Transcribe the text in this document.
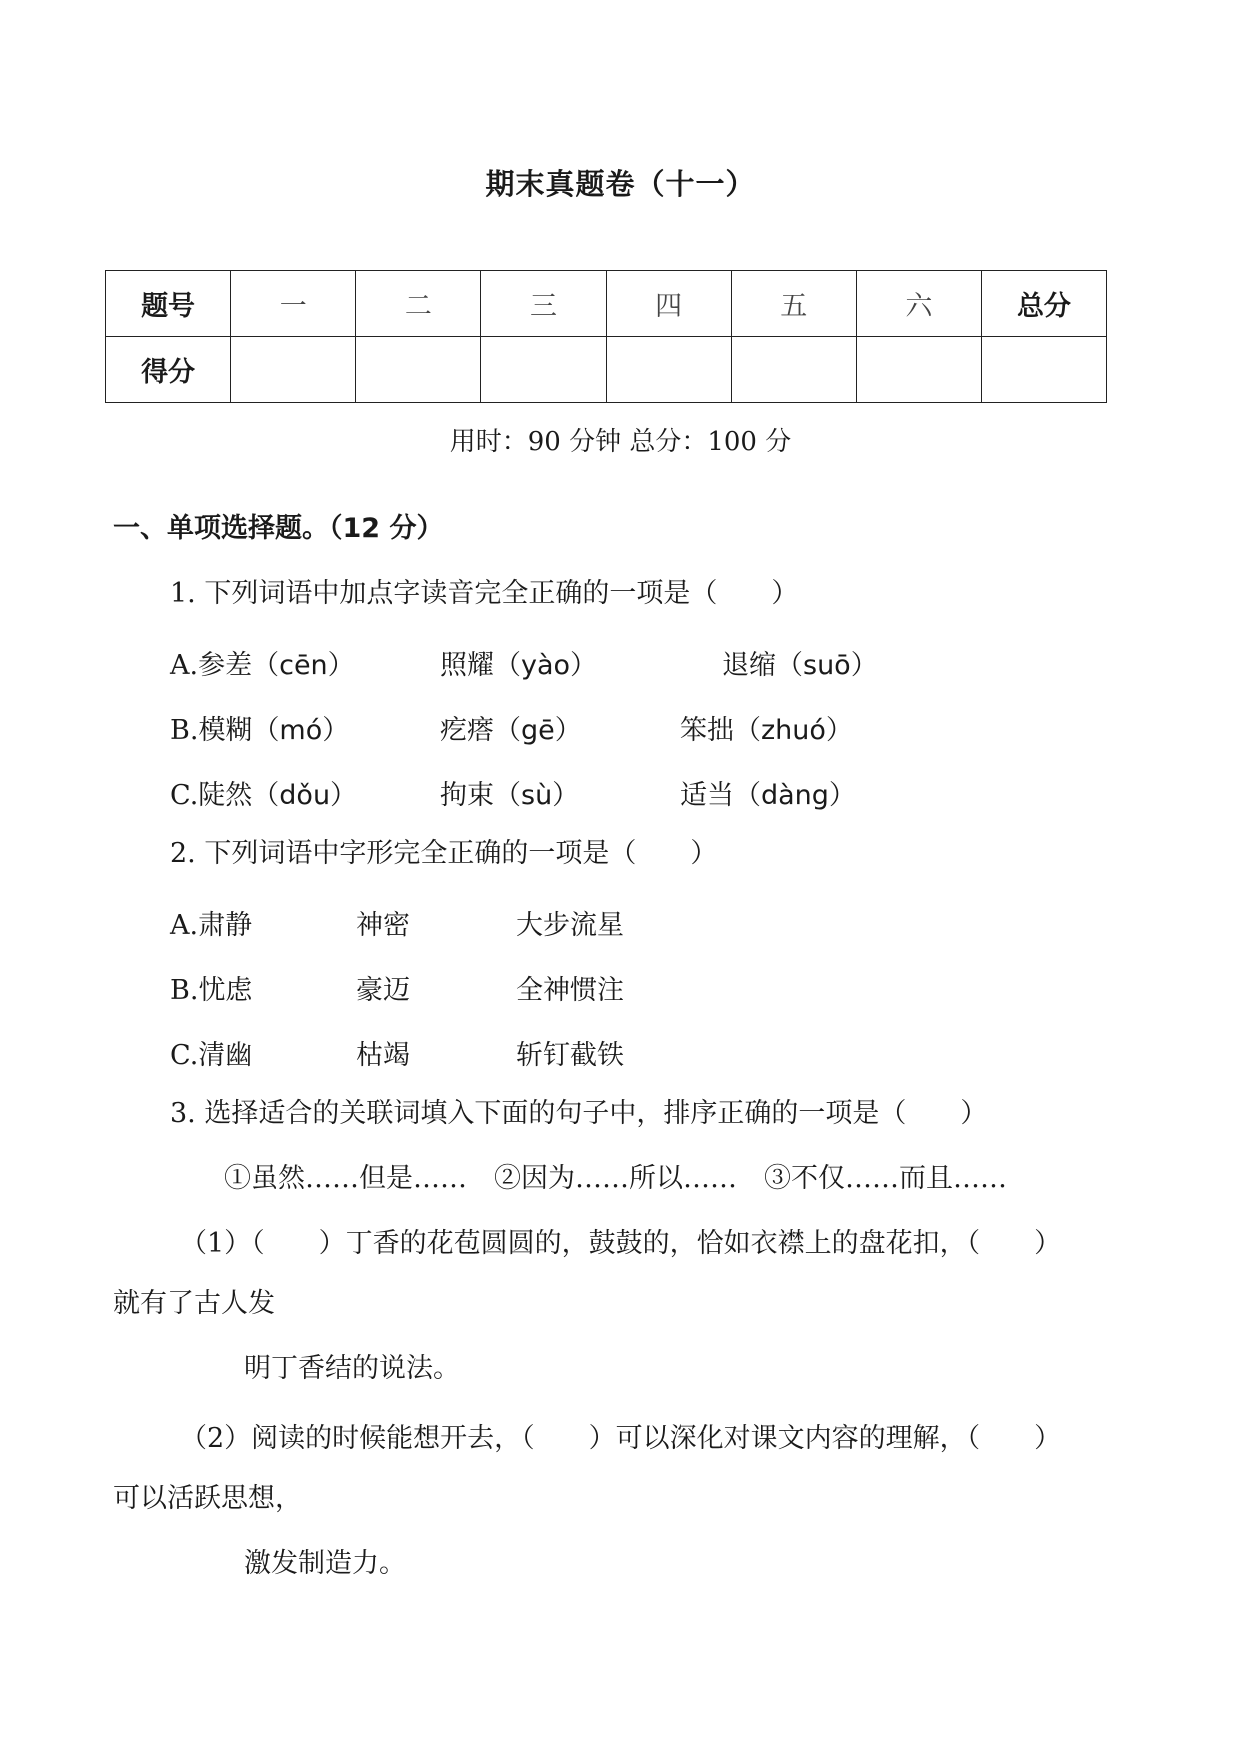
期末真题卷（十一）
题号	一	二	三	四	五	六	总分
得分							
用时：90 分钟 总分：100 分
一、单项选择题。（12 分）
1. 下列词语中加点字读音完全正确的一项是（　　）
A.参差（cēn）	照耀（yào）	退缩（suō）
B.模糊（mó）	疙瘩（gē）	笨拙（zhuó）
C.陡然（dǒu）	拘束（sù）	适当（dàng）
2. 下列词语中字形完全正确的一项是（　　）
A.肃静	神密	大步流星
B.忧虑	豪迈	全神惯注
C.清幽	枯竭	斩钉截铁
3. 选择适合的关联词填入下面的句子中，排序正确的一项是（　　）
①虽然……但是……　②因为……所以……　③不仅……而且……
（1）（　　）丁香的花苞圆圆的，鼓鼓的，恰如衣襟上的盘花扣，（　　）
就有了古人发
明丁香结的说法。
（2）阅读的时候能想开去，（　　）可以深化对课文内容的理解，（　　）
可以活跃思想，
激发制造力。
